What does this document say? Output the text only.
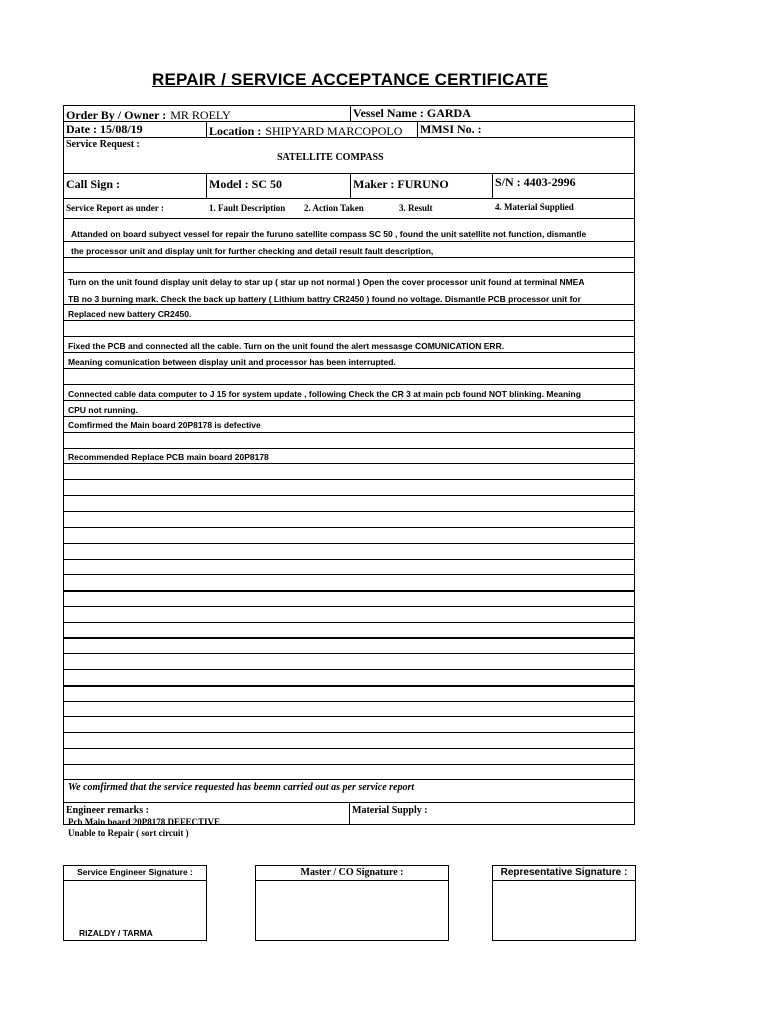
REPAIR / SERVICE ACCEPTANCE CERTIFICATE
Order By / Owner : MR ROELY	Vessel Name : GARDA
Date : 15/08/19	Location : SHIPYARD MARCOPOLO MMSI No. :
Service Request :
SATELLITE COMPASS
Call Sign :	Model : SC 50	Maker : FURUNO	S/N : 4403-2996
Service Report as under :	1. Fault Description 2. Action Taken	3. Result	4. Material Supplied
Attanded on board subyect vessel for repair the furuno satellite compass SC 50 , found the unit satellite not function, dismantle
the processor unit and display unit for further checking and detail result fault description,
Turn on the unit found display unit delay to star up ( star up not normal ) Open the cover processor unit found at terminal NMEA
TB no 3 burning mark. Check the back up battery ( Lithium battry CR2450 ) found no voltage. Dismantle PCB processor unit for
Replaced new battery CR2450.
Fixed the PCB and connected all the cable. Turn on the unit found the alert messasge COMUNICATION ERR.
Meaning comunication between display unit and processor has been interrupted.
Connected cable data computer to J 15 for system update , following Check the CR 3 at main pcb found NOT blinking. Meaning
CPU not running.
Comfirmed the Main board 20P8178 is defective
Recommended Replace PCB main board 20P8178
We comfirmed that the service requested has beemn carried out as per service report
Engineer remarks :
Pcb Main board 20P8178 DEFECTIVE
Unable to Repair ( sort circuit )
Material Supply :
Service Engineer Signature :
RIZALDY / TARMA
Master / CO Signature :	Representative Signature :
